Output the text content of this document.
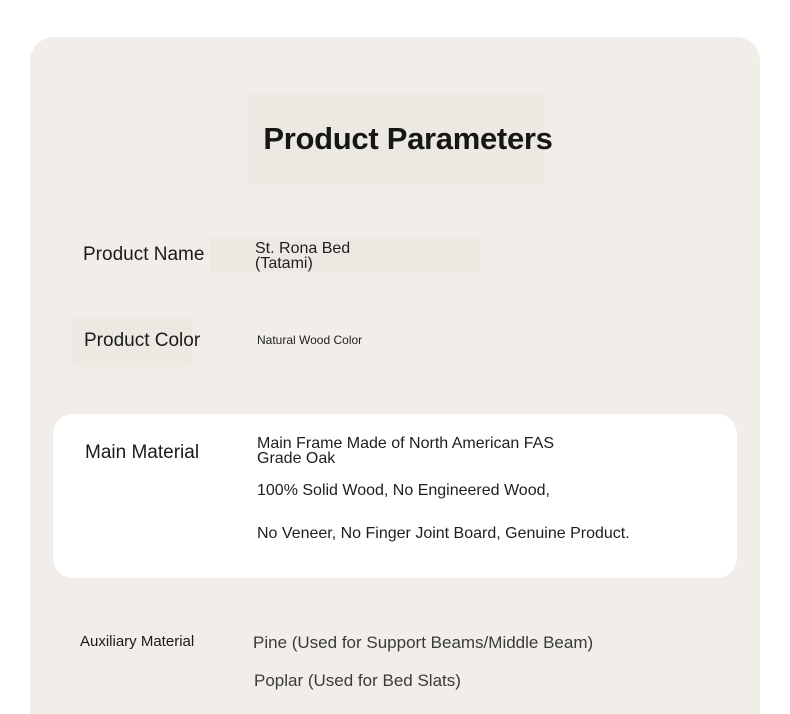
Product Parameters
Product Name	St. Rona Bed
(Tatami)
Product Color	Natural Wood Color
Main Material	Main Frame Made of North American FAS
Grade Oak
100% Solid Wood, No Engineered Wood,
No Veneer, No Finger Joint Board, Genuine Product.
Auxiliary Material	Pine (Used for Support Beams/Middle Beam)
Poplar (Used for Bed Slats)
